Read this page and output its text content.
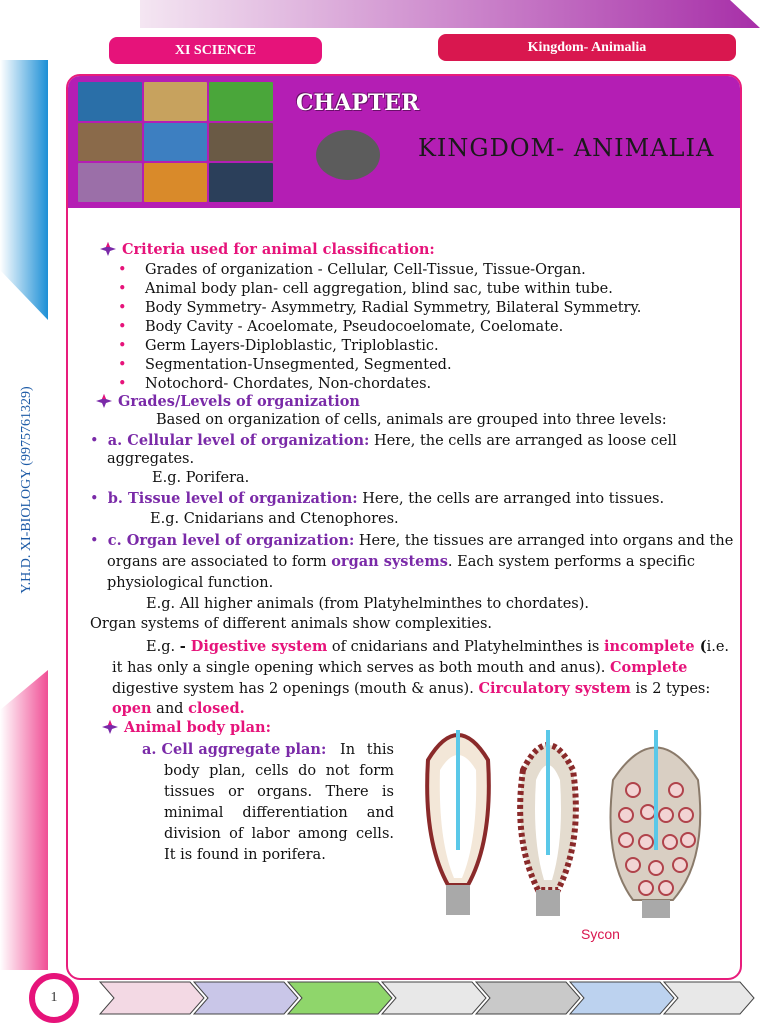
XI SCIENCE	Kingdom- Animalia
Y.H.D. XI-BIOLOGY (9975761329)
CHAPTER
KINGDOM- ANIMALIA
Criteria used for animal classification:
• Grades of organization - Cellular, Cell-Tissue, Tissue-Organ.
• Animal body plan- cell aggregation, blind sac, tube within tube.
• Body Symmetry- Asymmetry, Radial Symmetry, Bilateral Symmetry.
• Body Cavity - Acoelomate, Pseudocoelomate, Coelomate.
• Germ Layers-Diploblastic, Triploblastic.
• Segmentation-Unsegmented, Segmented.
• Notochord- Chordates, Non-chordates.
Grades/Levels of organization
Based on organization of cells, animals are grouped into three levels:
• a. Cellular level of organization: Here, the cells are arranged as loose cell
aggregates.
E.g. Porifera.
• b. Tissue level of organization: Here, the cells are arranged into tissues.
E.g. Cnidarians and Ctenophores.
• c. Organ level of organization: Here, the tissues are arranged into organs and the
organs are associated to form organ systems. Each system performs a specific
physiological function.
E.g. All higher animals (from Platyhelminthes to chordates).
Organ systems of different animals show complexities.
E.g. - Digestive system of cnidarians and Platyhelminthes is incomplete (i.e.
it has only a single opening which serves as both mouth and anus). Complete
digestive system has 2 openings (mouth & anus). Circulatory system is 2 types:
open and closed.
Animal body plan:
a. Cell aggregate plan: In this body plan, cells do not form tissues or organs. There is minimal differentiation and division of labor among cells. It is found in porifera.
Sycon
1
